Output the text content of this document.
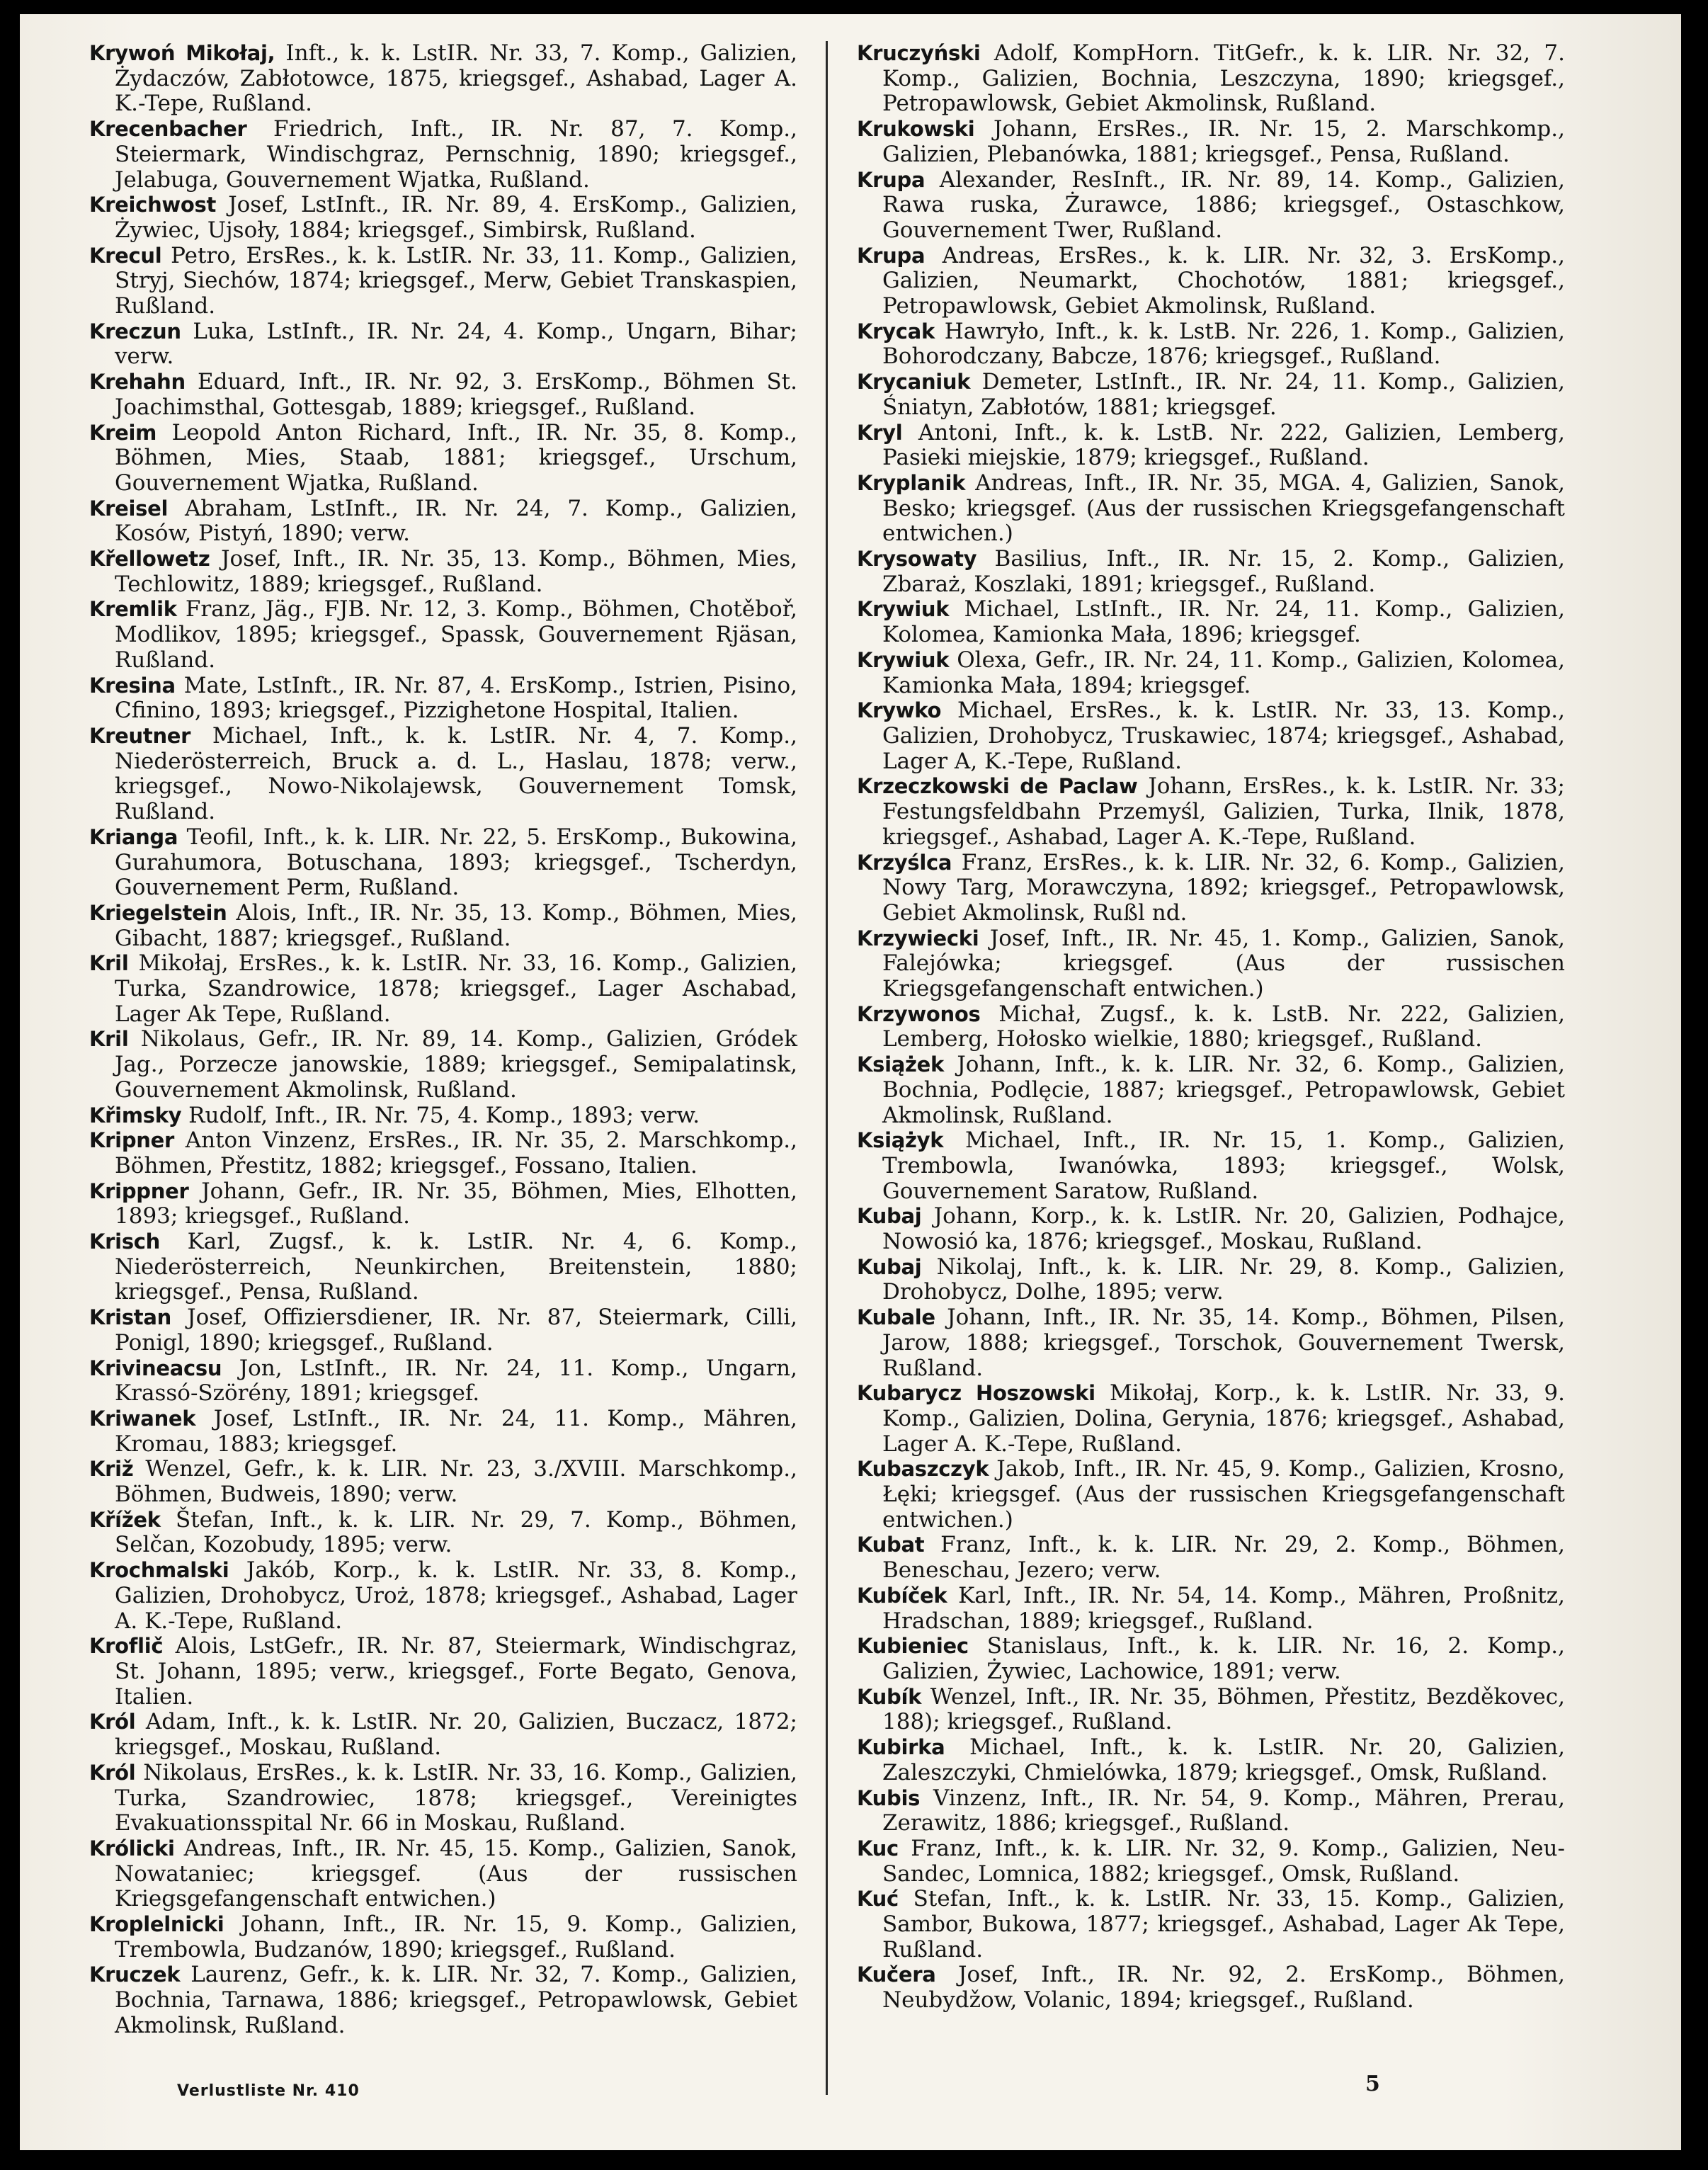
Krywoń Mikołaj, Inft., k. k. LstIR. Nr. 33, 7. Komp., Galizien, Żydaczów, Zabłotowce, 1875, kriegsgef., Ashabad, Lager A. K.-Tepe, Rußland.

Krecenbacher Friedrich, Inft., IR. Nr. 87, 7. Komp., Steiermark, Windischgraz, Pernschnig, 1890; kriegsgef., Jelabuga, Gouvernement Wjatka, Rußland.

Kreichwost Josef, LstInft., IR. Nr. 89, 4. ErsKomp., Galizien, Żywiec, Ujsoły, 1884; kriegsgef., Simbirsk, Rußland.

Krecul Petro, ErsRes., k. k. LstIR. Nr. 33, 11. Komp., Galizien, Stryj, Siechów, 1874; kriegsgef., Merw, Gebiet Transkaspien, Rußland.

Kreczun Luka, LstInft., IR. Nr. 24, 4. Komp., Ungarn, Bihar; verw.

Krehahn Eduard, Inft., IR. Nr. 92, 3. ErsKomp., Böhmen St. Joachimsthal, Gottesgab, 1889; kriegsgef., Rußland.

Kreim Leopold Anton Richard, Inft., IR. Nr. 35, 8. Komp., Böhmen, Mies, Staab, 1881; kriegsgef., Urschum, Gouvernement Wjatka, Rußland.

Kreisel Abraham, LstInft., IR. Nr. 24, 7. Komp., Galizien, Kosów, Pistyń, 1890; verw.

Křellowetz Josef, Inft., IR. Nr. 35, 13. Komp., Böhmen, Mies, Techlowitz, 1889; kriegsgef., Rußland.

Kremlik Franz, Jäg., FJB. Nr. 12, 3. Komp., Böhmen, Chotěboř, Modlikov, 1895; kriegsgef., Spassk, Gouvernement Rjäsan, Rußland.

Kresina Mate, LstInft., IR. Nr. 87, 4. ErsKomp., Istrien, Pisino, Cfinino, 1893; kriegsgef., Pizzighetone Hospital, Italien.

Kreutner Michael, Inft., k. k. LstIR. Nr. 4, 7. Komp., Niederösterreich, Bruck a. d. L., Haslau, 1878; verw., kriegsgef., Nowo-Nikolajewsk, Gouvernement Tomsk, Rußland.

Krianga Teofil, Inft., k. k. LIR. Nr. 22, 5. ErsKomp., Bukowina, Gurahumora, Botuschana, 1893; kriegsgef., Tscherdyn, Gouvernement Perm, Rußland.

Kriegelstein Alois, Inft., IR. Nr. 35, 13. Komp., Böhmen, Mies, Gibacht, 1887; kriegsgef., Rußland.

Kril Mikołaj, ErsRes., k. k. LstIR. Nr. 33, 16. Komp., Galizien, Turka, Szandrowice, 1878; kriegsgef., Lager Aschabad, Lager Ak Tepe, Rußland.

Kril Nikolaus, Gefr., IR. Nr. 89, 14. Komp., Galizien, Gródek Jag., Porzecze janowskie, 1889; kriegsgef., Semipalatinsk, Gouvernement Akmolinsk, Rußland.

Křimsky Rudolf, Inft., IR. Nr. 75, 4. Komp., 1893; verw.

Kripner Anton Vinzenz, ErsRes., IR. Nr. 35, 2. Marschkomp., Böhmen, Přestitz, 1882; kriegsgef., Fossano, Italien.

Krippner Johann, Gefr., IR. Nr. 35, Böhmen, Mies, Elhotten, 1893; kriegsgef., Rußland.

Krisch Karl, Zugsf., k. k. LstIR. Nr. 4, 6. Komp., Niederösterreich, Neunkirchen, Breitenstein, 1880; kriegsgef., Pensa, Rußland.

Kristan Josef, Offiziersdiener, IR. Nr. 87, Steiermark, Cilli, Ponigl, 1890; kriegsgef., Rußland.

Krivineacsu Jon, LstInft., IR. Nr. 24, 11. Komp., Ungarn, Krassó-Szörény, 1891; kriegsgef.

Kriwanek Josef, LstInft., IR. Nr. 24, 11. Komp., Mähren, Kromau, 1883; kriegsgef.

Križ Wenzel, Gefr., k. k. LIR. Nr. 23, 3./XVIII. Marschkomp., Böhmen, Budweis, 1890; verw.

Křížek Štefan, Inft., k. k. LIR. Nr. 29, 7. Komp., Böhmen, Selčan, Kozobudy, 1895; verw.

Krochmalski Jakób, Korp., k. k. LstIR. Nr. 33, 8. Komp., Galizien, Drohobycz, Uroż, 1878; kriegsgef., Ashabad, Lager A. K.-Tepe, Rußland.

Kroflič Alois, LstGefr., IR. Nr. 87, Steiermark, Windischgraz, St. Johann, 1895; verw., kriegsgef., Forte Begato, Genova, Italien.

Król Adam, Inft., k. k. LstIR. Nr. 20, Galizien, Buczacz, 1872; kriegsgef., Moskau, Rußland.

Król Nikolaus, ErsRes., k. k. LstIR. Nr. 33, 16. Komp., Galizien, Turka, Szandrowiec, 1878; kriegsgef., Vereinigtes Evakuationsspital Nr. 66 in Moskau, Rußland.

Królicki Andreas, Inft., IR. Nr. 45, 15. Komp., Galizien, Sanok, Nowataniec; kriegsgef. (Aus der russischen Kriegsgefangenschaft entwichen.)

Kroplelnicki Johann, Inft., IR. Nr. 15, 9. Komp., Galizien, Trembowla, Budzanów, 1890; kriegsgef., Rußland.

Kruczek Laurenz, Gefr., k. k. LIR. Nr. 32, 7. Komp., Galizien, Bochnia, Tarnawa, 1886; kriegsgef., Petropawlowsk, Gebiet Akmolinsk, Rußland.

Kruczyński Adolf, KompHorn. TitGefr., k. k. LIR. Nr. 32, 7. Komp., Galizien, Bochnia, Leszczyna, 1890; kriegsgef., Petropawlowsk, Gebiet Akmolinsk, Rußland.

Krukowski Johann, ErsRes., IR. Nr. 15, 2. Marschkomp., Galizien, Plebanówka, 1881; kriegsgef., Pensa, Rußland.

Krupa Alexander, ResInft., IR. Nr. 89, 14. Komp., Galizien, Rawa ruska, Żurawce, 1886; kriegsgef., Ostaschkow, Gouvernement Twer, Rußland.

Krupa Andreas, ErsRes., k. k. LIR. Nr. 32, 3. ErsKomp., Galizien, Neumarkt, Chochotów, 1881; kriegsgef., Petropawlowsk, Gebiet Akmolinsk, Rußland.

Krycak Hawryło, Inft., k. k. LstB. Nr. 226, 1. Komp., Galizien, Bohorodczany, Babcze, 1876; kriegsgef., Rußland.

Krycaniuk Demeter, LstInft., IR. Nr. 24, 11. Komp., Galizien, Śniatyn, Zabłotów, 1881; kriegsgef.

Kryl Antoni, Inft., k. k. LstB. Nr. 222, Galizien, Lemberg, Pasieki miejskie, 1879; kriegsgef., Rußland.

Kryplanik Andreas, Inft., IR. Nr. 35, MGA. 4, Galizien, Sanok, Besko; kriegsgef. (Aus der russischen Kriegsgefangenschaft entwichen.)

Krysowaty Basilius, Inft., IR. Nr. 15, 2. Komp., Galizien, Zbaraż, Koszlaki, 1891; kriegsgef., Rußland.

Krywiuk Michael, LstInft., IR. Nr. 24, 11. Komp., Galizien, Kolomea, Kamionka Mała, 1896; kriegsgef.

Krywiuk Olexa, Gefr., IR. Nr. 24, 11. Komp., Galizien, Kolomea, Kamionka Mała, 1894; kriegsgef.

Krywko Michael, ErsRes., k. k. LstIR. Nr. 33, 13. Komp., Galizien, Drohobycz, Truskawiec, 1874; kriegsgef., Ashabad, Lager A, K.-Tepe, Rußland.

Krzeczkowski de Paclaw Johann, ErsRes., k. k. LstIR. Nr. 33; Festungsfeldbahn Przemyśl, Galizien, Turka, Ilnik, 1878, kriegsgef., Ashabad, Lager A. K.-Tepe, Rußland.

Krzyślca Franz, ErsRes., k. k. LIR. Nr. 32, 6. Komp., Galizien, Nowy Targ, Morawczyna, 1892; kriegsgef., Petropawlowsk, Gebiet Akmolinsk, Rußl nd.

Krzywiecki Josef, Inft., IR. Nr. 45, 1. Komp., Galizien, Sanok, Falejówka; kriegsgef. (Aus der russischen Kriegsgefangenschaft entwichen.)

Krzywonos Michał, Zugsf., k. k. LstB. Nr. 222, Galizien, Lemberg, Hołosko wielkie, 1880; kriegsgef., Rußland.

Książek Johann, Inft., k. k. LIR. Nr. 32, 6. Komp., Galizien, Bochnia, Podlęcie, 1887; kriegsgef., Petropawlowsk, Gebiet Akmolinsk, Rußland.

Książyk Michael, Inft., IR. Nr. 15, 1. Komp., Galizien, Trembowla, Iwanówka, 1893; kriegsgef., Wolsk, Gouvernement Saratow, Rußland.

Kubaj Johann, Korp., k. k. LstIR. Nr. 20, Galizien, Podhajce, Nowosió ka, 1876; kriegsgef., Moskau, Rußland.

Kubaj Nikolaj, Inft., k. k. LIR. Nr. 29, 8. Komp., Galizien, Drohobycz, Dolhe, 1895; verw.

Kubale Johann, Inft., IR. Nr. 35, 14. Komp., Böhmen, Pilsen, Jarow, 1888; kriegsgef., Torschok, Gouvernement Twersk, Rußland.

Kubarycz Hoszowski Mikołaj, Korp., k. k. LstIR. Nr. 33, 9. Komp., Galizien, Dolina, Gerynia, 1876; kriegsgef., Ashabad, Lager A. K.-Tepe, Rußland.

Kubaszczyk Jakob, Inft., IR. Nr. 45, 9. Komp., Galizien, Krosno, Łęki; kriegsgef. (Aus der russischen Kriegsgefangenschaft entwichen.)

Kubat Franz, Inft., k. k. LIR. Nr. 29, 2. Komp., Böhmen, Beneschau, Jezero; verw.

Kubíček Karl, Inft., IR. Nr. 54, 14. Komp., Mähren, Proßnitz, Hradschan, 1889; kriegsgef., Rußland.

Kubieniec Stanislaus, Inft., k. k. LIR. Nr. 16, 2. Komp., Galizien, Żywiec, Lachowice, 1891; verw.

Kubík Wenzel, Inft., IR. Nr. 35, Böhmen, Přestitz, Bezděkovec, 188); kriegsgef., Rußland.

Kubirka Michael, Inft., k. k. LstIR. Nr. 20, Galizien, Zaleszczyki, Chmielówka, 1879; kriegsgef., Omsk, Rußland.

Kubis Vinzenz, Inft., IR. Nr. 54, 9. Komp., Mähren, Prerau, Zerawitz, 1886; kriegsgef., Rußland.

Kuc Franz, Inft., k. k. LIR. Nr. 32, 9. Komp., Galizien, Neu-Sandec, Lomnica, 1882; kriegsgef., Omsk, Rußland.

Kuć Stefan, Inft., k. k. LstIR. Nr. 33, 15. Komp., Galizien, Sambor, Bukowa, 1877; kriegsgef., Ashabad, Lager Ak Tepe, Rußland.

Kučera Josef, Inft., IR. Nr. 92, 2. ErsKomp., Böhmen, Neubydžow, Volanic, 1894; kriegsgef., Rußland.

Verlustliste Nr. 410	5
